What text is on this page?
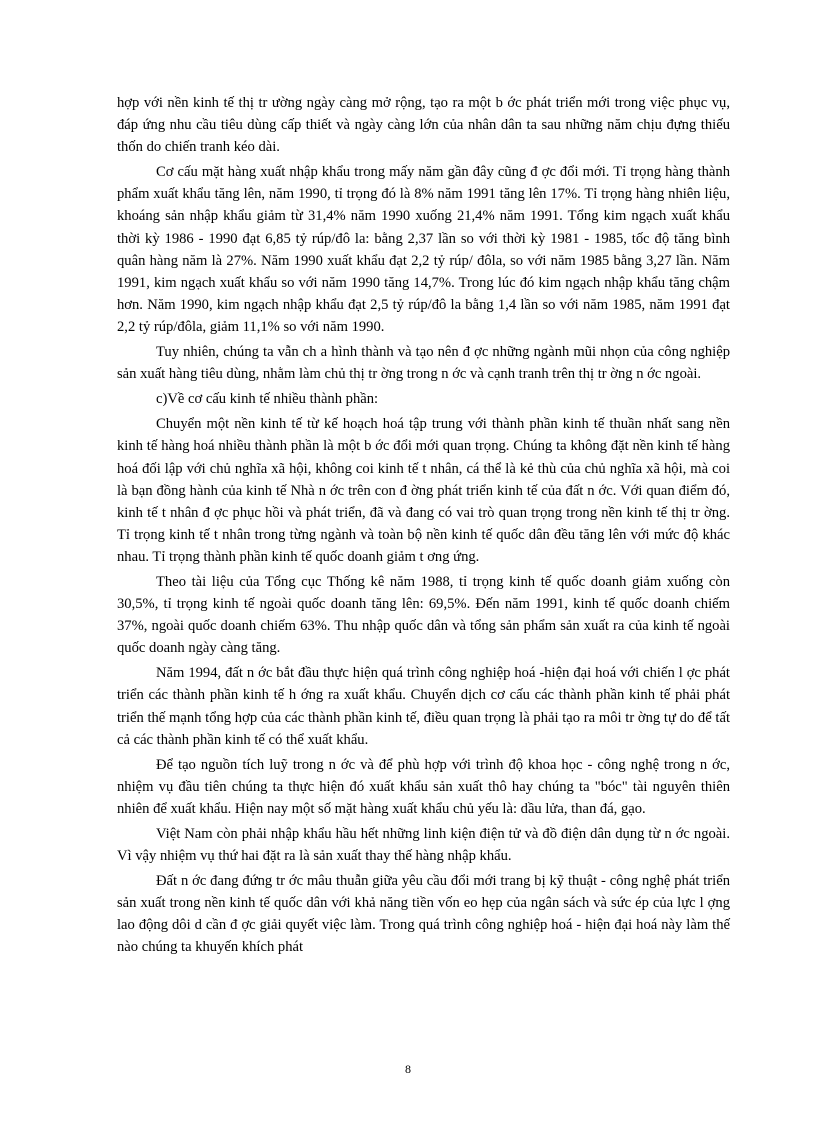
hợp với nền kinh tế thị tr ường ngày càng mở rộng, tạo ra một b ớc phát triển mới trong việc phục vụ, đáp ứng nhu cầu tiêu dùng cấp thiết và ngày càng lớn của nhân dân ta sau những năm chịu đựng thiếu thốn do chiến tranh kéo dài.

Cơ cấu mặt hàng xuất nhập khẩu trong mấy năm gần đây cũng đ ợc đổi mới. Tỉ trọng hàng thành phẩm xuất khẩu tăng lên, năm 1990, tỉ trọng đó là 8% năm 1991 tăng lên 17%. Tỉ trọng hàng nhiên liệu, khoáng sản nhập khẩu giảm từ 31,4% năm 1990 xuống 21,4% năm 1991. Tổng kim ngạch xuất khẩu thời kỳ 1986 - 1990 đạt 6,85 tỷ rúp/đô la: bằng 2,37 lần so với thời kỳ 1981 - 1985, tốc độ tăng bình quân hàng năm là 27%. Năm 1990 xuất khẩu đạt 2,2 tỷ rúp/ đôla, so với năm 1985 bằng 3,27 lần. Năm 1991, kim ngạch xuất khẩu so với năm 1990 tăng 14,7%. Trong lúc đó kim ngạch nhập khẩu tăng chậm hơn. Năm 1990, kim ngạch nhập khẩu đạt 2,5 tỷ rúp/đô la bằng 1,4 lần so với năm 1985, năm 1991 đạt 2,2 tỷ rúp/đôla, giảm 11,1% so với năm 1990.

Tuy nhiên, chúng ta vẫn ch a hình thành và tạo nên đ ợc những ngành mũi nhọn của công nghiệp sản xuất hàng tiêu dùng, nhằm làm chủ thị tr ờng trong n ớc và cạnh tranh trên thị tr ờng n ớc ngoài.

c)Về cơ cấu kinh tế nhiều thành phần:

Chuyển một nền kinh tế từ kế hoạch hoá tập trung với thành phần kinh tế thuần nhất sang nền kinh tế hàng hoá nhiều thành phần là một b ớc đổi mới quan trọng. Chúng ta không đặt nền kinh tế hàng hoá đối lập với chủ nghĩa xã hội, không coi kinh tế t nhân, cá thể là kẻ thù của chủ nghĩa xã hội, mà coi là bạn đồng hành của kinh tế Nhà n ớc trên con đ ờng phát triển kinh tế của đất n ớc. Với quan điểm đó, kinh tế t nhân đ ợc phục hồi và phát triển, đã và đang có vai trò quan trọng trong nền kinh tế thị tr ờng. Tỉ trọng kinh tế t nhân trong từng ngành và toàn bộ nền kinh tế quốc dân đều tăng lên với mức độ khác nhau. Tỉ trọng thành phần kinh tế quốc doanh giảm t ơng ứng.

Theo tài liệu của Tổng cục Thống kê năm 1988, tỉ trọng kinh tế quốc doanh giảm xuống còn 30,5%, tỉ trọng kinh tế ngoài quốc doanh tăng lên: 69,5%. Đến năm 1991, kinh tế quốc doanh chiếm 37%, ngoài quốc doanh chiếm 63%. Thu nhập quốc dân và tổng sản phẩm sản xuất ra của kinh tế ngoài quốc doanh ngày càng tăng.

Năm 1994, đất n ớc bắt đầu thực hiện quá trình công nghiệp hoá -hiện đại hoá với chiến l ợc phát triển các thành phần kinh tế h ớng ra xuất khẩu. Chuyển dịch cơ cấu các thành phần kinh tế phải phát triển thế mạnh tổng hợp của các thành phần kinh tế, điều quan trọng là phải tạo ra môi tr ờng tự do để tất cả các thành phần kinh tế có thể xuất khẩu.

Để tạo nguồn tích luỹ trong n ớc và để phù hợp với trình độ khoa học - công nghệ trong n ớc, nhiệm vụ đầu tiên chúng ta thực hiện đó xuất khẩu sản xuất thô hay chúng ta "bóc" tài nguyên thiên nhiên để xuất khẩu. Hiện nay một số mặt hàng xuất khẩu chủ yếu là: dầu lửa, than đá, gạo.

Việt Nam còn phải nhập khẩu hầu hết những linh kiện điện tử và đồ điện dân dụng từ n ớc ngoài. Vì vậy nhiệm vụ thứ hai đặt ra là sản xuất thay thế hàng nhập khẩu.

Đất n ớc đang đứng tr ớc mâu thuẫn giữa yêu cầu đổi mới trang bị kỹ thuật - công nghệ phát triển sản xuất trong nền kinh tế quốc dân với khả năng tiền vốn eo hẹp của ngân sách và sức ép của lực l ợng lao động dôi d cần đ ợc giải quyết việc làm. Trong quá trình công nghiệp hoá - hiện đại hoá này làm thế nào chúng ta khuyến khích phát

8
